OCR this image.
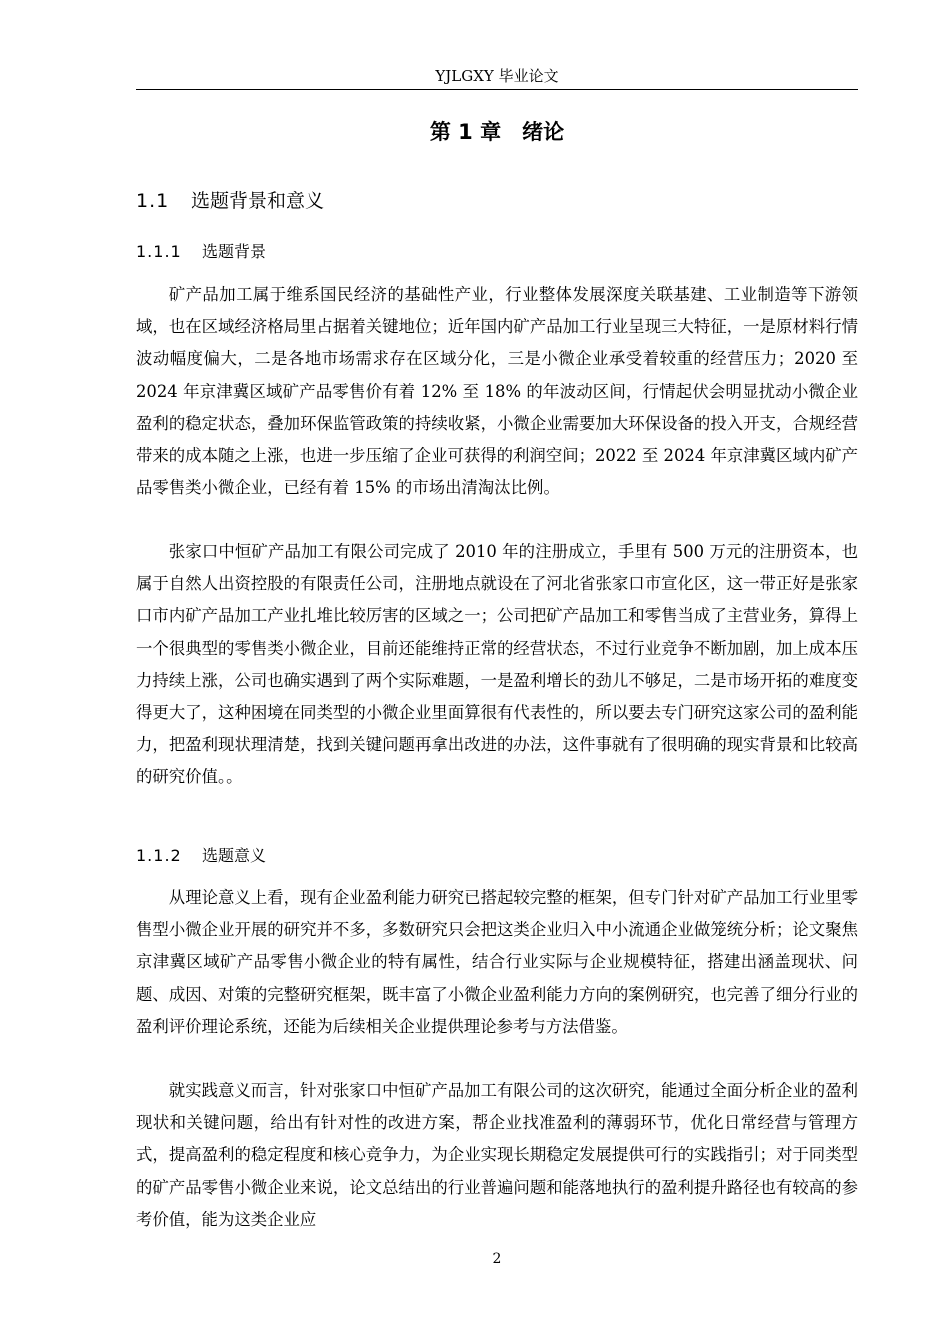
YJLGXY 毕业论文
第 1 章　绪论
1.1 选题背景和意义
1.1.1 选题背景

矿产品加工属于维系国民经济的基础性产业，行业整体发展深度关联基建、工业制造等下游领域，也在区域经济格局里占据着关键地位；近年国内矿产品加工行业呈现三大特征，一是原材料行情波动幅度偏大，二是各地市场需求存在区域分化，三是小微企业承受着较重的经营压力；2020 至 2024 年京津冀区域矿产品零售价有着 12% 至 18% 的年波动区间，行情起伏会明显扰动小微企业盈利的稳定状态，叠加环保监管政策的持续收紧，小微企业需要加大环保设备的投入开支，合规经营带来的成本随之上涨，也进一步压缩了企业可获得的利润空间；2022 至 2024 年京津冀区域内矿产品零售类小微企业，已经有着 15% 的市场出清淘汰比例。

张家口中恒矿产品加工有限公司完成了 2010 年的注册成立，手里有 500 万元的注册资本，也属于自然人出资控股的有限责任公司，注册地点就设在了河北省张家口市宣化区，这一带正好是张家口市内矿产品加工产业扎堆比较厉害的区域之一；公司把矿产品加工和零售当成了主营业务，算得上一个很典型的零售类小微企业，目前还能维持正常的经营状态，不过行业竞争不断加剧，加上成本压力持续上涨，公司也确实遇到了两个实际难题，一是盈利增长的劲儿不够足，二是市场开拓的难度变得更大了，这种困境在同类型的小微企业里面算很有代表性的，所以要去专门研究这家公司的盈利能力，把盈利现状理清楚，找到关键问题再拿出改进的办法，这件事就有了很明确的现实背景和比较高的研究价值。。

1.1.2 选题意义

从理论意义上看，现有企业盈利能力研究已搭起较完整的框架，但专门针对矿产品加工行业里零售型小微企业开展的研究并不多，多数研究只会把这类企业归入中小流通企业做笼统分析；论文聚焦京津冀区域矿产品零售小微企业的特有属性，结合行业实际与企业规模特征，搭建出涵盖现状、问题、成因、对策的完整研究框架，既丰富了小微企业盈利能力方向的案例研究，也完善了细分行业的盈利评价理论系统，还能为后续相关企业提供理论参考与方法借鉴。

就实践意义而言，针对张家口中恒矿产品加工有限公司的这次研究，能通过全面分析企业的盈利现状和关键问题，给出有针对性的改进方案，帮企业找准盈利的薄弱环节，优化日常经营与管理方式，提高盈利的稳定程度和核心竞争力，为企业实现长期稳定发展提供可行的实践指引；对于同类型的矿产品零售小微企业来说，论文总结出的行业普遍问题和能落地执行的盈利提升路径也有较高的参考价值，能为这类企业应

2
